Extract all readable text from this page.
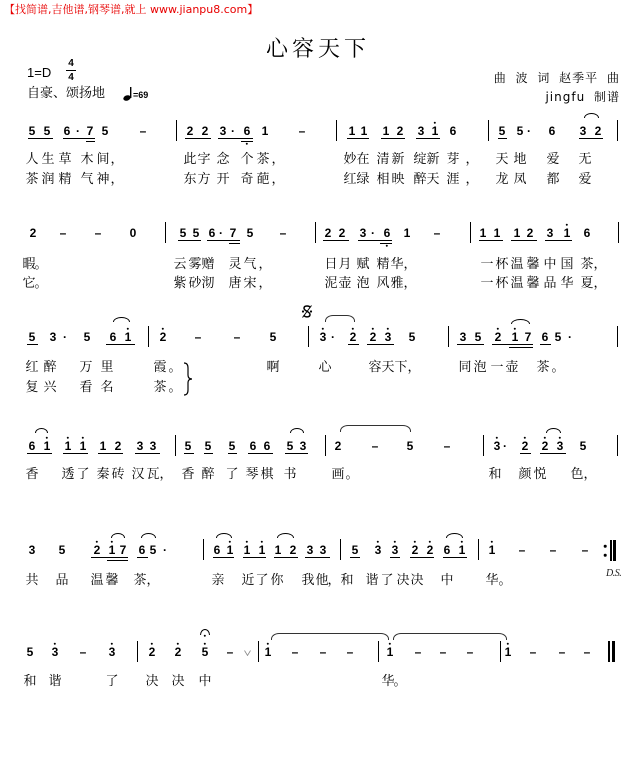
【找简谱,吉他谱,钢琴谱,就上 www.jianpu8.com】
心容天下
1=D
4
4
自豪、颂扬地	=69
曲 波 词 赵季平 曲
jingfu 制谱
5 5 6 · 7 5	–	2 2 3 · 6 1	–	1 1 1 2 3 1 6	5 5 · 6 3 2
人 生 草 木 间 ，	此 字 念 个 茶 ，	妙 在 清 新 绽 新 芽 ， 天 地 爱 无
茶 润 精 气 神 ，	东 方 开 奇 葩 ，	红 绿 相 映 醉 天 涯 ， 龙 凤 都 爱
2 – – 0	5 5 6 · 7 5 –	2 2 3 · 6 1 –	1 1 1 2 3 1 6
暇
。	云 雾 赠 灵 气 ，	日 月 赋 精 华 ，	一 杯 温 馨 中 国 茶 ，
它
。	紫 砂 沏 唐 宋 ，	泥 壶 泡 风 雅 ，	一 杯 温 馨 品 华 夏 ，
5 3 · 5 6 1 2 –	– 5	3 · 2 2 3 5	3 5 2 1 7 6 5 ·
红 醉 万 里	霞 。	啊	心	容 天 下 ，	同 泡 一 壶 茶 。
复 兴 看 名	茶 。
6 1 1 1 1 2 3 3 5 5 5 6 6 5 3 2	– 5	–	3 · 2 2 3 5
香 透 了 秦 砖 汉 瓦 ， 香 醉 了 琴 棋 书	画 。	和 颜 悦 色 ，
3 5 2 1 7 6 5 ·	6 1 1 1 1 2 3 3 5 3 3 2 2 6 1 1 – – –
共 品 温 馨 茶 ，	亲 近 了 你 我 他
， 和 谐 了 决 决 中 华 。	D.S.
5 3 – 3	2 2 5 –	1 – – –	1 – – –	1 – – –
和 谐	了 决 决 中	华
。
